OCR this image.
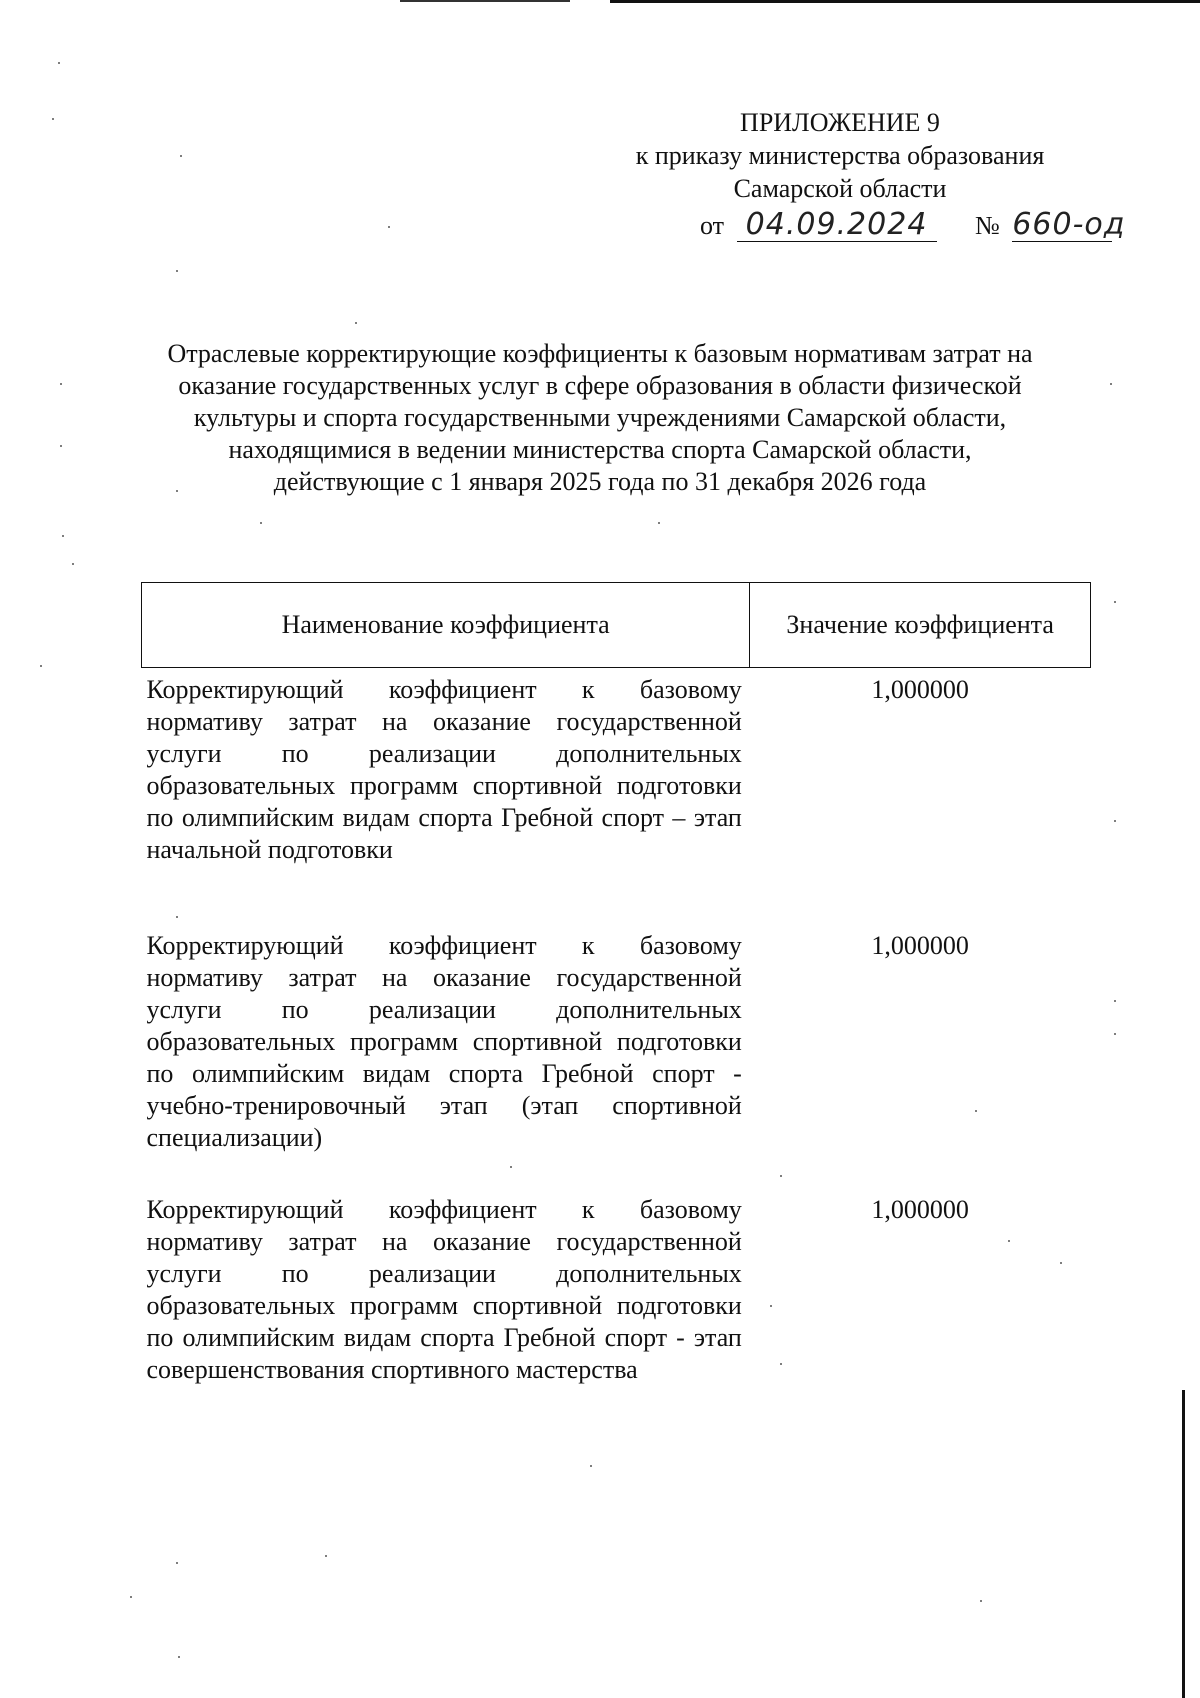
ПРИЛОЖЕНИЕ 9
к приказу министерства образования
Самарской области
от 04.09.2024 № 660-од
Отраслевые корректирующие коэффициенты к базовым нормативам затрат на
оказание государственных услуг в сфере образования в области физической
культуры и спорта государственными учреждениями Самарской области,
находящимися в ведении министерства спорта Самарской области,
действующие с 1 января 2025 года по 31 декабря 2026 года
Наименование коэффициента	Значение коэффициента
Корректирующий коэффициент к базовому нормативу затрат на оказание государственной услуги по реализации дополнительных образовательных программ спортивной подготовки по олимпийским видам спорта Гребной спорт – этап начальной подготовки	1,000000
Корректирующий коэффициент к базовому нормативу затрат на оказание государственной услуги по реализации дополнительных образовательных программ спортивной подготовки по олимпийским видам спорта Гребной спорт - учебно-тренировочный этап (этап спортивной специализации)	1,000000
Корректирующий коэффициент к базовому нормативу затрат на оказание государственной услуги по реализации дополнительных образовательных программ спортивной подготовки по олимпийским видам спорта Гребной спорт - этап совершенствования спортивного мастерства	1,000000
